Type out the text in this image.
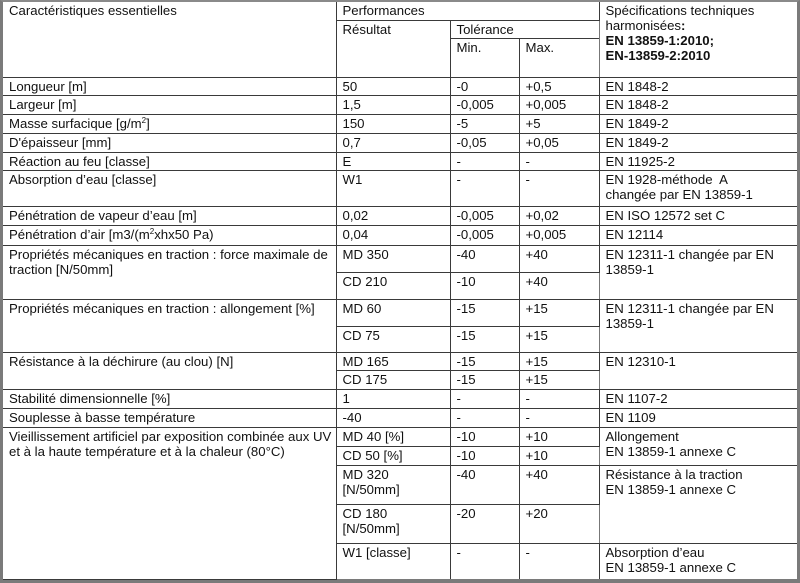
Caractéristiques essentielles	Performances			Spécifications techniques
harmonisées:
EN 13859-1:2010;
EN-13859-2:2010

	Résultat	Tolérance		
		Min.	Max.	
Longueur [m]	50	-0	+0,5	EN 1848-2
Largeur [m]	1,5	-0,005	+0,005	EN 1848-2
Masse surfacique $[g/m^2]$	150	-5	+5	EN 1849-2
D'épaisseur [mm]	0,7	-0,05	+0,05	EN 1849-2
Réaction au feu [classe]	E	-	-	EN 11925-2
Absorption d’eau [classe]	W1	-	-	EN 1928-méthode  A
changée par EN 13859-1

Pénétration de vapeur d’eau [m]	0,02	-0,005	+0,02	EN ISO 12572 set C
Pénétration d’air [$m3/(m^2xhx50$ Pa)	0,04	-0,005	+0,005	EN 12114
Propriétés mécaniques en traction : force maximale de traction [N/50mm]	MD 350	-40	+40	EN 12311-1 changée par EN 13859-1
	CD 210	-10	+40	
Propriétés mécaniques en traction : allongement [%]	MD 60	-15	+15	EN 12311-1 changée par EN 13859-1
	CD 75	-15	+15	
Résistance à la déchirure (au clou) [N]	MD 165	-15	+15	EN 12310-1
	CD 175	-15	+15	
Stabilité dimensionnelle [%]	1	-	-	EN 1107-2
Souplesse à basse température	-40	-	-	EN 1109
Vieillissement artificiel par exposition combinée aux UV et à la haute température et à la chaleur (80°C)	MD 40 [%]	-10	+10	Allongement
EN 13859-1 annexe C

	CD 50 [%]	-10	+10	
	MD 320 [N/50mm]	-40	+40	Résistance à la traction
EN 13859-1 annexe C

	CD 180 [N/50mm]	-20	+20	
	W1 [classe]	-	-	Absorption d’eau
EN 13859-1 annexe C
